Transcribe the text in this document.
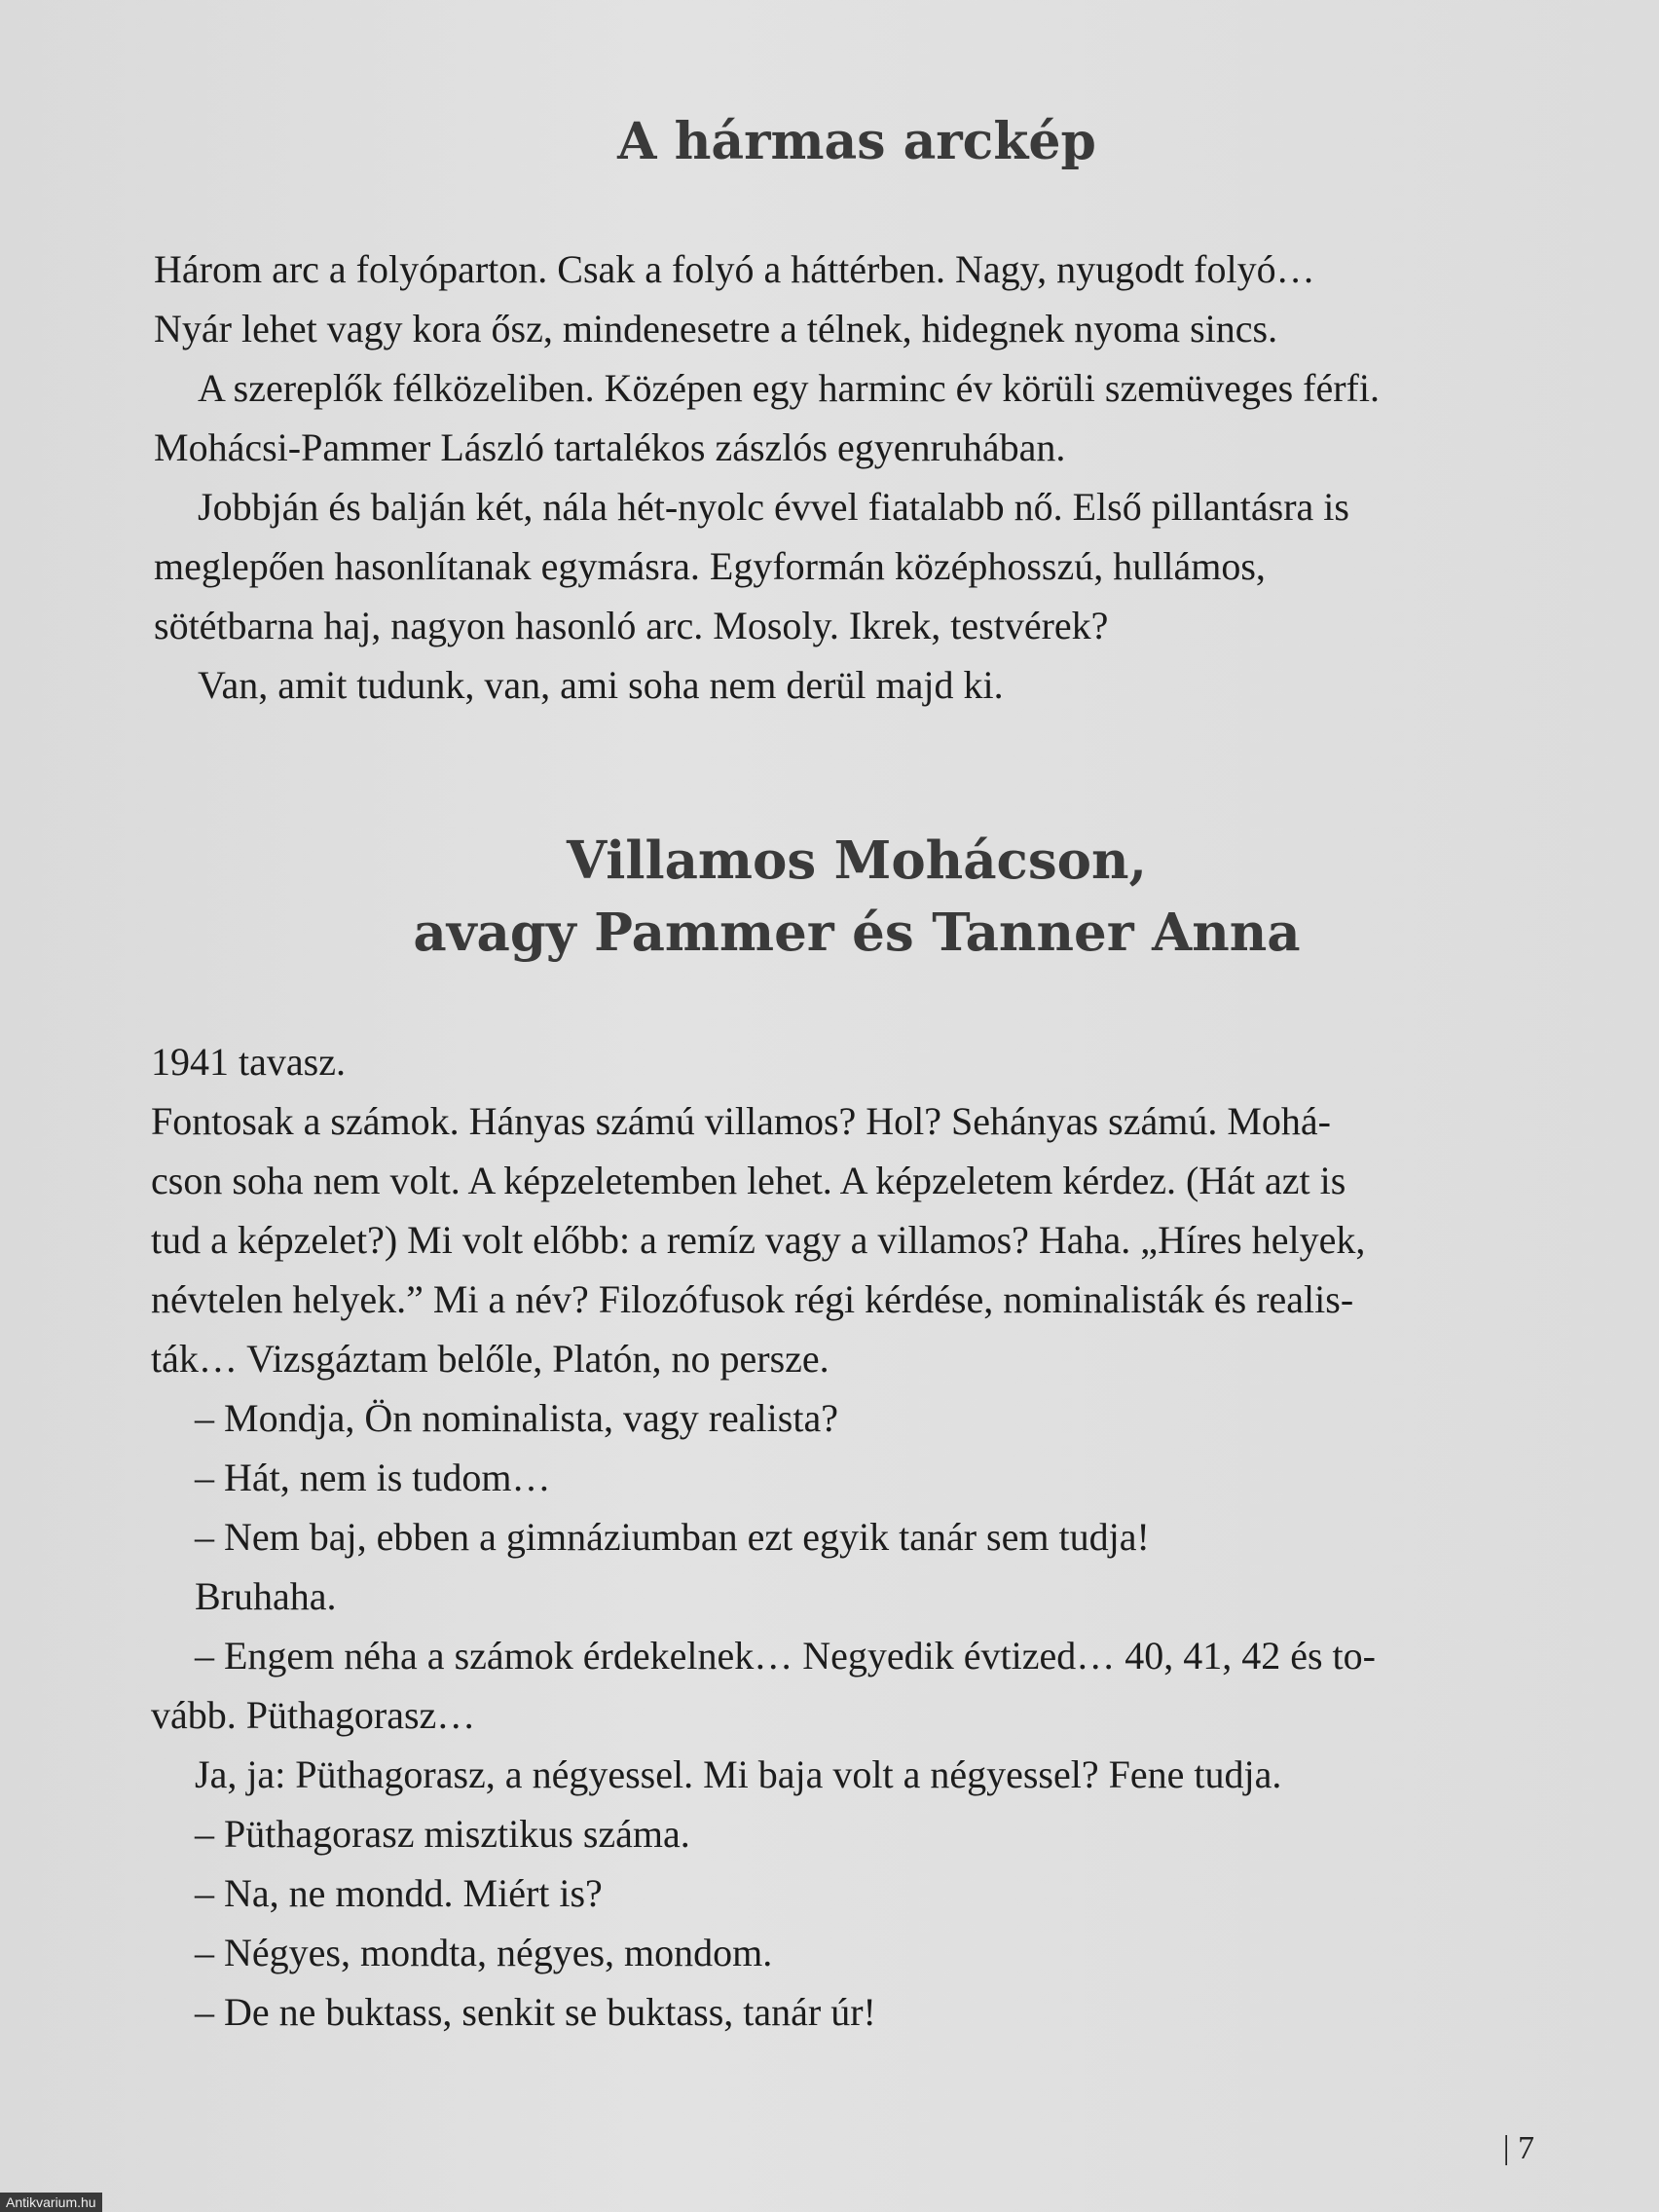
A hármas arckép

Három arc a folyóparton. Csak a folyó a háttérben. Nagy, nyugodt folyó…

Nyár lehet vagy kora ősz, mindenesetre a télnek, hidegnek nyoma sincs.

A szereplők félközeliben. Középen egy harminc év körüli szemüveges férfi.

Mohácsi-Pammer László tartalékos zászlós egyenruhában.

Jobbján és balján két, nála hét-nyolc évvel fiatalabb nő. Első pillantásra is

meglepően hasonlítanak egymásra. Egyformán középhosszú, hullámos,

sötétbarna haj, nagyon hasonló arc. Mosoly. Ikrek, testvérek?

Van, amit tudunk, van, ami soha nem derül majd ki.

Villamos Mohácson,
avagy Pammer és Tanner Anna

1941 tavasz.

Fontosak a számok. Hányas számú villamos? Hol? Sehányas számú. Mohá-

cson soha nem volt. A képzeletemben lehet. A képzeletem kérdez. (Hát azt is

tud a képzelet?) Mi volt előbb: a remíz vagy a villamos? Haha. „Híres helyek,

névtelen helyek.” Mi a név? Filozófusok régi kérdése, nominalisták és realis-

ták… Vizsgáztam belőle, Platón, no persze.

– Mondja, Ön nominalista, vagy realista?

– Hát, nem is tudom…

– Nem baj, ebben a gimnáziumban ezt egyik tanár sem tudja!

Bruhaha.

– Engem néha a számok érdekelnek… Negyedik évtized… 40, 41, 42 és to-

vább. Püthagorasz…

Ja, ja: Püthagorasz, a négyessel. Mi baja volt a négyessel? Fene tudja.

– Püthagorasz misztikus száma.

– Na, ne mondd. Miért is?

– Négyes, mondta, négyes, mondom.

– De ne buktass, senkit se buktass, tanár úr!

| 7
Antikvarium.hu
